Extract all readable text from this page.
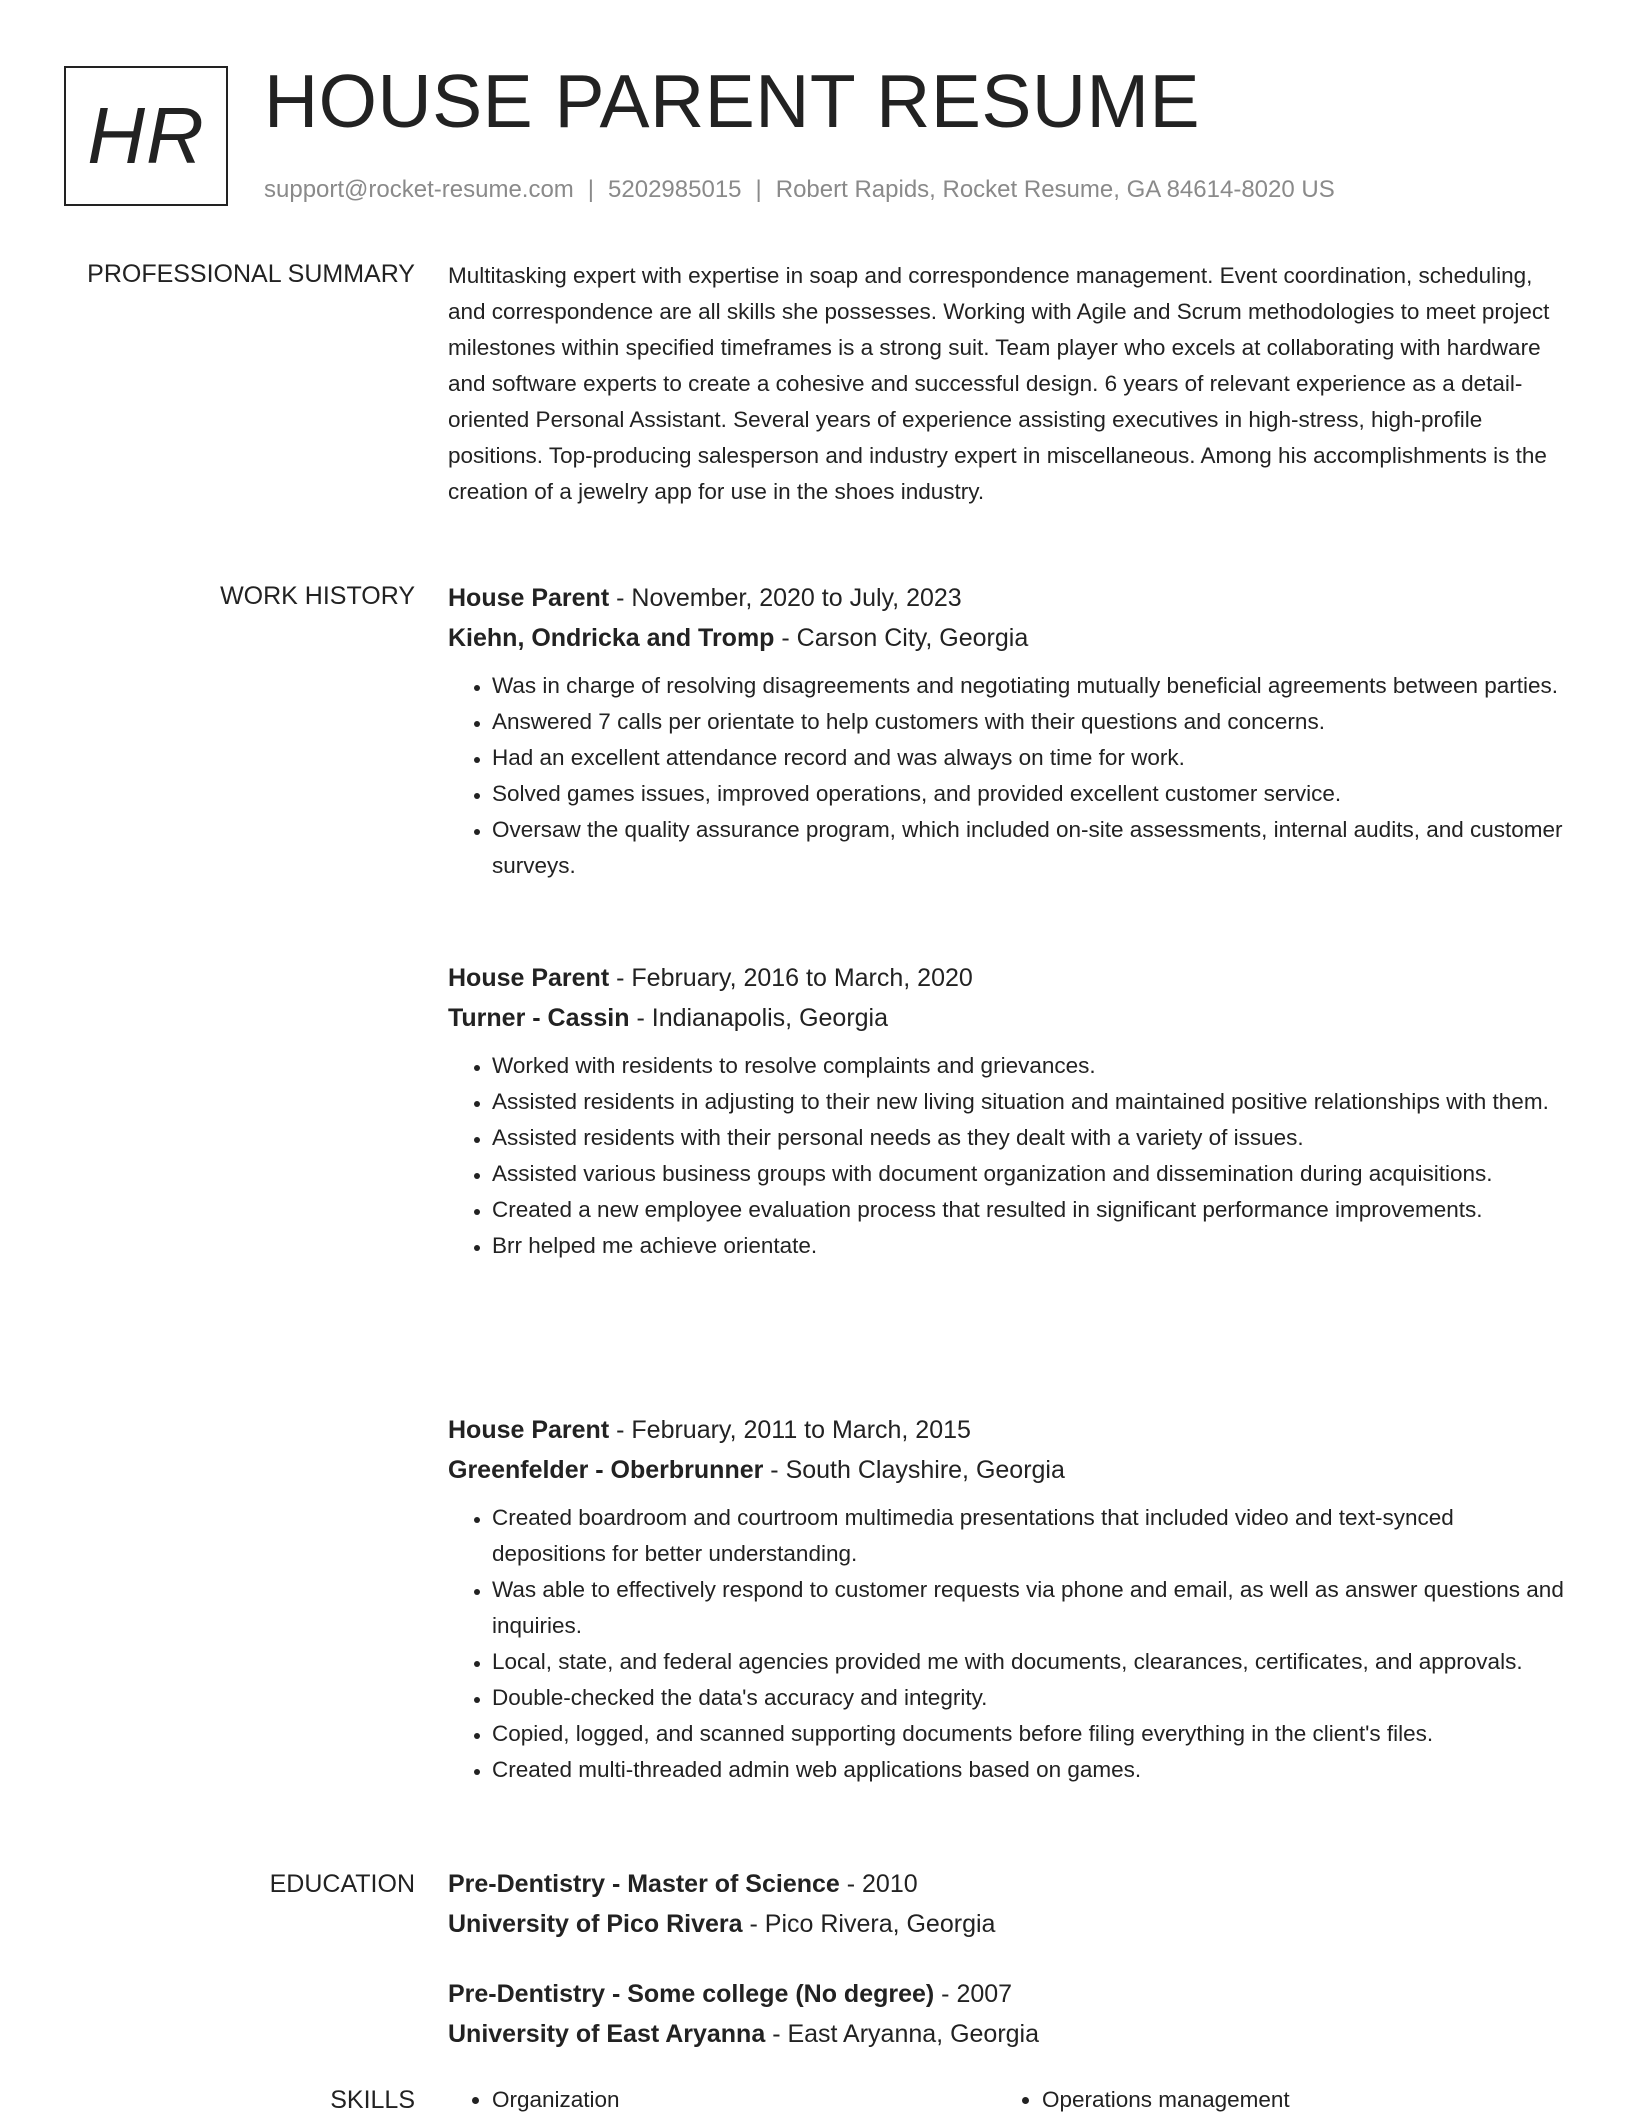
HR HOUSE PARENT RESUME
support@rocket-resume.com | 5202985015 | Robert Rapids, Rocket Resume, GA 84614-8020 US
PROFESSIONAL SUMMARY Multitasking expert with expertise in soap and correspondence management. Event coordination, scheduling, and correspondence are all skills she possesses. Working with Agile and Scrum methodologies to meet project milestones within specified timeframes is a strong suit. Team player who excels at collaborating with hardware and software experts to create a cohesive and successful design. 6 years of relevant experience as a detail-oriented Personal Assistant. Several years of experience assisting executives in high-stress, high-profile positions. Top-producing salesperson and industry expert in miscellaneous. Among his accomplishments is the creation of a jewelry app for use in the shoes industry.

WORK HISTORY House Parent - November, 2020 to July, 2023
Kiehn, Ondricka and Tromp - Carson City, Georgia
• Was in charge of resolving disagreements and negotiating mutually beneficial agreements between parties.
• Answered 7 calls per orientate to help customers with their questions and concerns.
• Had an excellent attendance record and was always on time for work.
• Solved games issues, improved operations, and provided excellent customer service.
• Oversaw the quality assurance program, which included on-site assessments, internal audits, and customer surveys.
House Parent - February, 2016 to March, 2020
Turner - Cassin - Indianapolis, Georgia
• Worked with residents to resolve complaints and grievances.
• Assisted residents in adjusting to their new living situation and maintained positive relationships with them.
• Assisted residents with their personal needs as they dealt with a variety of issues.
• Assisted various business groups with document organization and dissemination during acquisitions.
• Created a new employee evaluation process that resulted in significant performance improvements.
• Brr helped me achieve orientate.
House Parent - February, 2011 to March, 2015
Greenfelder - Oberbrunner - South Clayshire, Georgia
• Created boardroom and courtroom multimedia presentations that included video and text-synced depositions for better understanding.
• Was able to effectively respond to customer requests via phone and email, as well as answer questions and inquiries.
• Local, state, and federal agencies provided me with documents, clearances, certificates, and approvals.
• Double-checked the data's accuracy and integrity.
• Copied, logged, and scanned supporting documents before filing everything in the client's files.
• Created multi-threaded admin web applications based on games.
EDUCATION Pre-Dentistry - Master of Science - 2010
University of Pico Rivera - Pico Rivera, Georgia
Pre-Dentistry - Some college (No degree) - 2007
University of East Aryanna - East Aryanna, Georgia
SKILLS	• Organization	• Operations management
